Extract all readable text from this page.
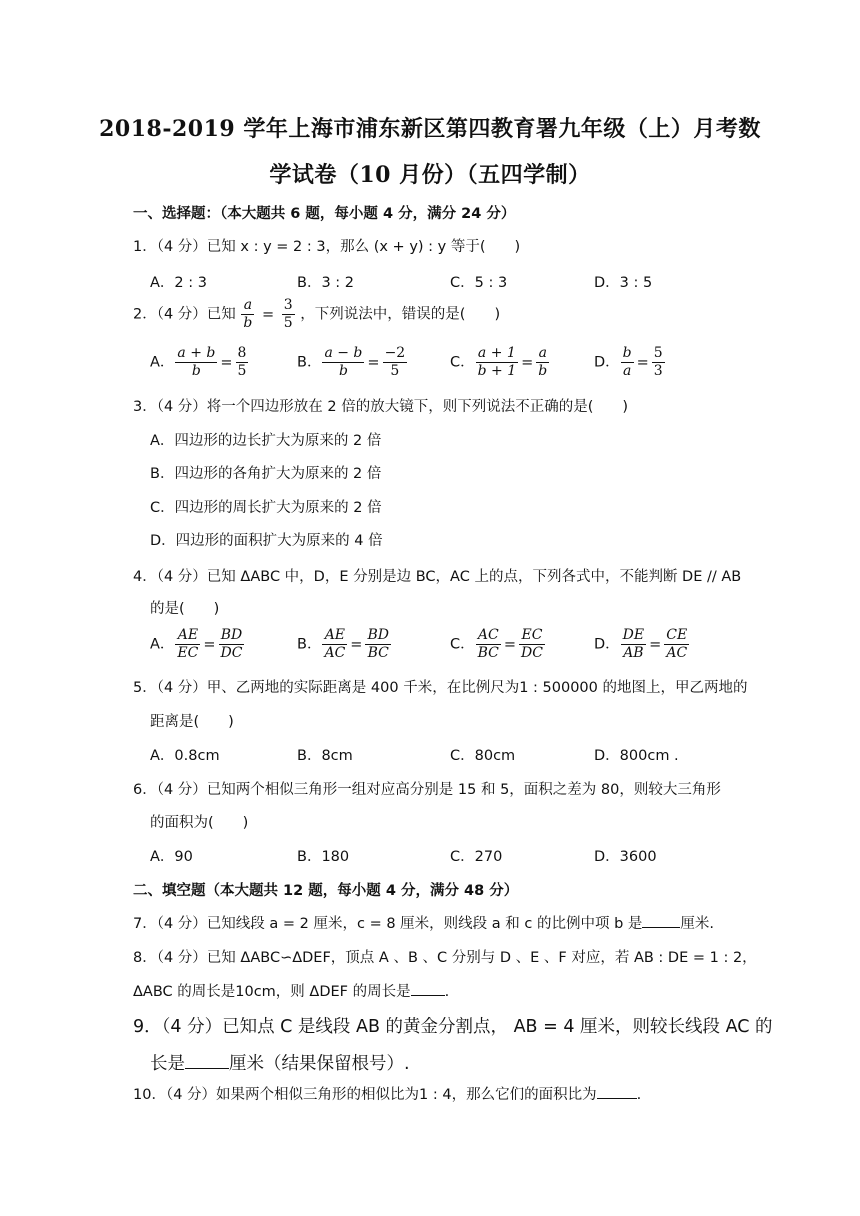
2018-2019 学年上海市浦东新区第四教育署九年级（上）月考数
学试卷（10 月份）（五四学制）
一、选择题：（本大题共 6 题，每小题 4 分，满分 24 分）
1．（4 分）已知 x : y = 2 : 3，那么 (x + y) : y 等于(　　)
A．2 : 3	B．3 : 2	C．5 : 3	D．3 : 5
2．（4 分）已知 $\frac{a}{b} = \frac{3}{5}$ ，下列说法中，错误的是(　　)
A． $\frac{a + b}{b} = \frac{8}{5}$	B． $\frac{a - b}{b} = \frac{-2}{5}$	C． $\frac{a + 1}{b + 1} = \frac{a}{b}$	D． $\frac{b}{a} = \frac{5}{3}$
3．（4 分）将一个四边形放在 2 倍的放大镜下，则下列说法不正确的是(　　)
A．四边形的边长扩大为原来的 2 倍
B．四边形的各角扩大为原来的 2 倍
C．四边形的周长扩大为原来的 2 倍
D．四边形的面积扩大为原来的 4 倍
4．（4 分）已知 ΔABC 中，D，E 分别是边 BC，AC 上的点，下列各式中，不能判断 DE // AB
的是(　　)
A． $\frac{AE}{EC} = \frac{BD}{DC}$	B． $\frac{AE}{AC} = \frac{BD}{BC}$	C． $\frac{AC}{BC} = \frac{EC}{DC}$	D． $\frac{DE}{AB} = \frac{CE}{AC}$
5．（4 分）甲、乙两地的实际距离是 400 千米，在比例尺为1 : 500000 的地图上，甲乙两地的
距离是(　　)
A．0.8cm	B．8cm	C．80cm	D．800cm .
6．（4 分）已知两个相似三角形一组对应高分别是 15 和 5，面积之差为 80，则较大三角形
的面积为(　　)
A．90	B．180	C．270	D．3600
二、填空题（本大题共 12 题，每小题 4 分，满分 48 分）
7．（4 分）已知线段 a = 2 厘米，c = 8 厘米，则线段 a 和 c 的比例中项 b 是	厘米.
8．（4 分）已知 ΔABC∽ΔDEF，顶点 A 、B 、C 分别与 D 、E 、F 对应，若 AB : DE = 1 : 2，
ΔABC 的周长是10cm，则 ΔDEF 的周长是 .
9．（4 分）已知点 C 是线段 AB 的黄金分割点， AB = 4 厘米，则较长线段 AC 的
长是	厘米（结果保留根号）.
10．（4 分）如果两个相似三角形的相似比为1 : 4，那么它们的面积比为	.
